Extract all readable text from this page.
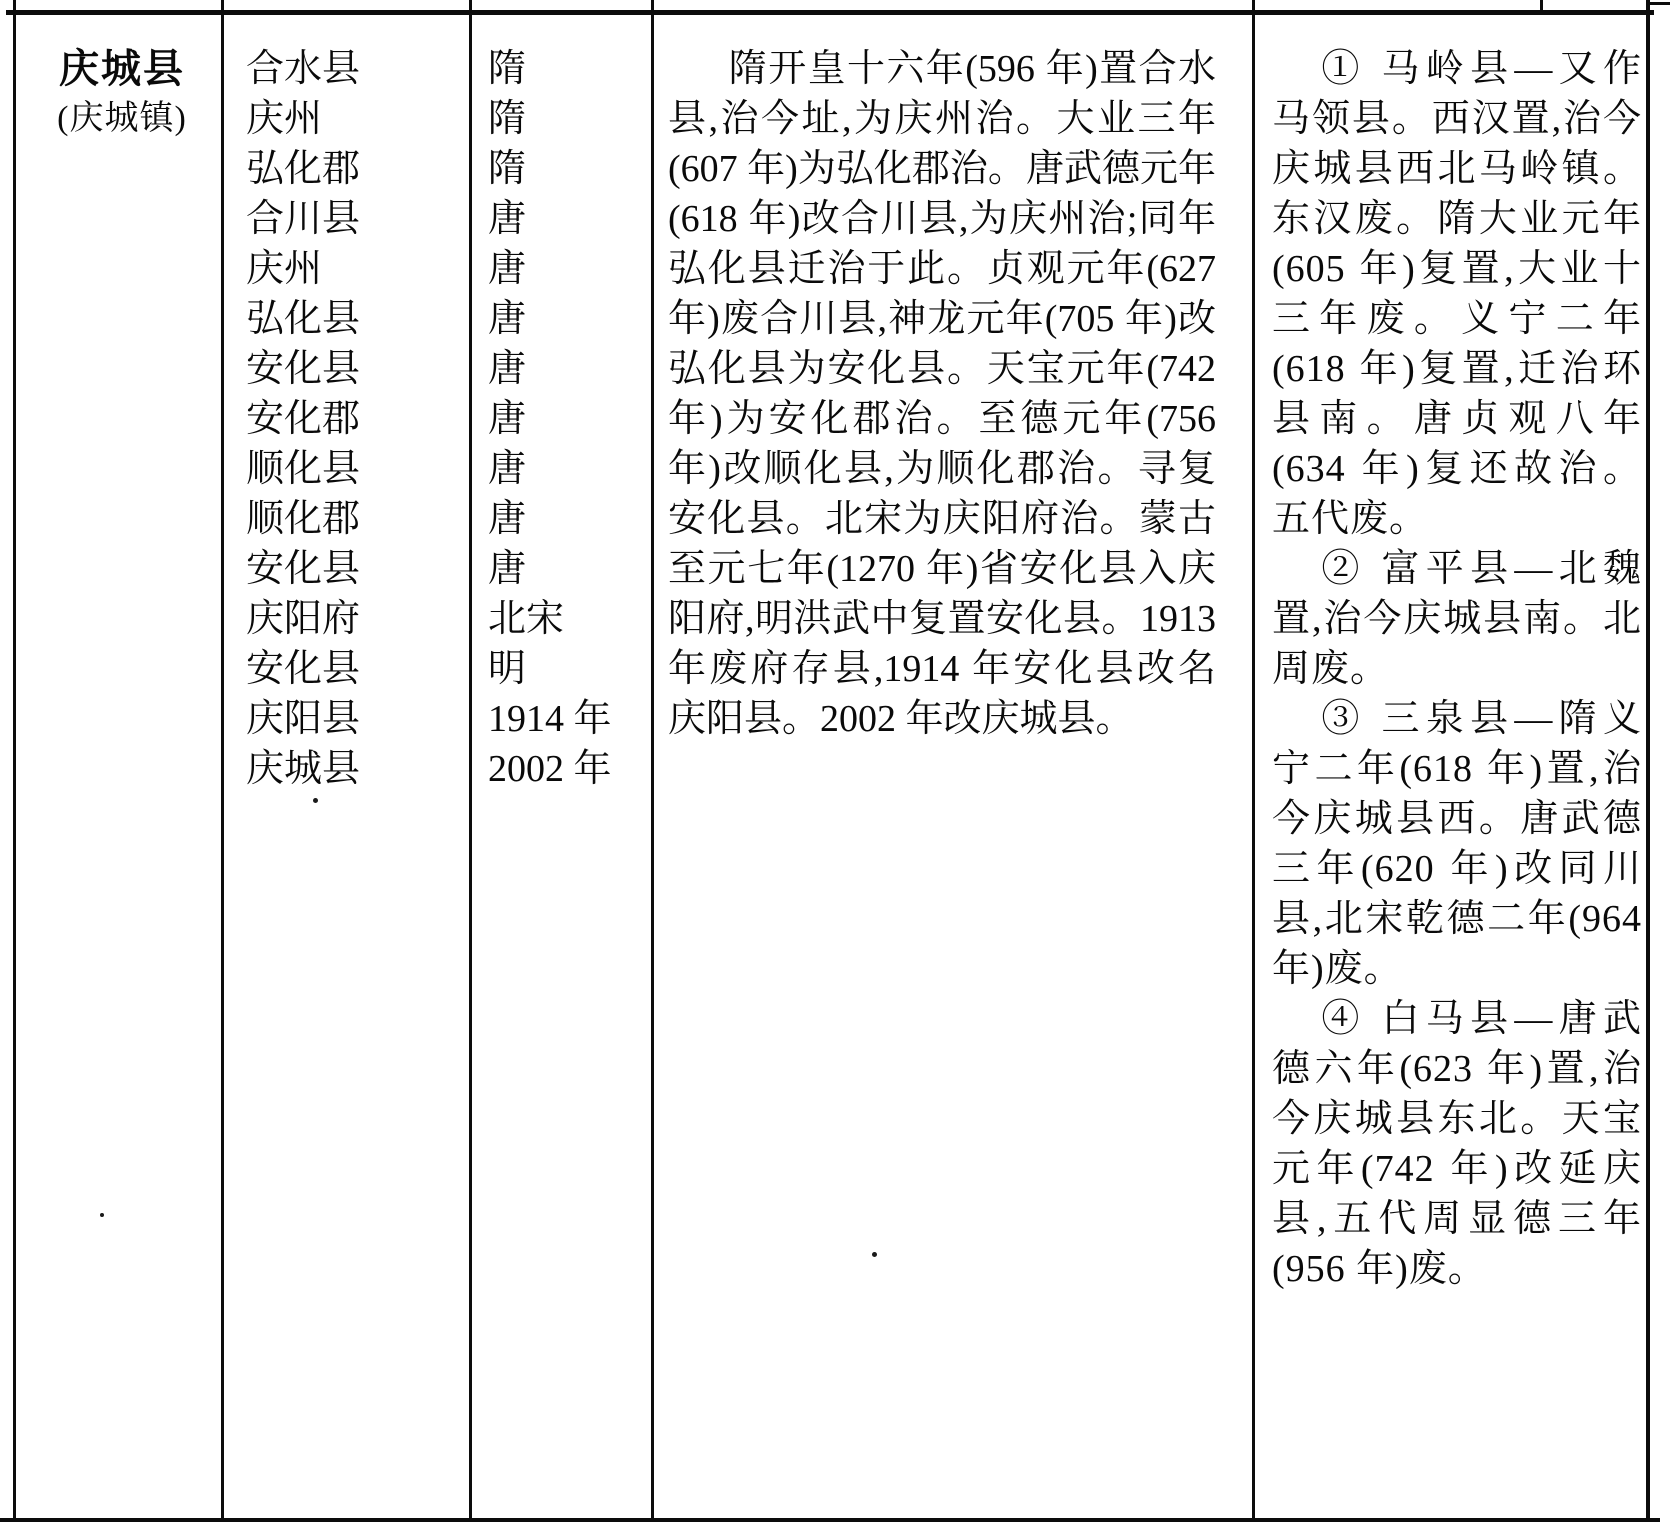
庆城县
(庆城镇)
合水县
庆州
弘化郡
合川县
庆州
弘化县
安化县
安化郡
顺化县
顺化郡
安化县
庆阳府
安化县
庆阳县
庆城县
隋
隋
隋
唐
唐
唐
唐
唐
唐
唐
唐
北宋
明
1914 年
2002 年

隋开皇十六年(596 年)置合水县,治今址,为庆州治。大业三年(607 年)为弘化郡治。唐武德元年(618 年)改合川县,为庆州治;同年弘化县迁治于此。贞观元年(627 年)废合川县,神龙元年(705 年)改弘化县为安化县。天宝元年(742 年)为安化郡治。至德元年(756 年)改顺化县,为顺化郡治。寻复安化县。北宋为庆阳府治。蒙古至元七年(1270 年)省安化县入庆阳府,明洪武中复置安化县。1913 年废府存县,1914 年安化县改名庆阳县。2002 年改庆城县。

① 马岭县—又作马领县。西汉置,治今庆城县西北马岭镇。东汉废。隋大业元年(605 年)复置,大业十三年废。义宁二年(618 年)复置,迁治环县南。唐贞观八年(634 年)复还故治。五代废。

② 富平县—北魏置,治今庆城县南。北周废。

③ 三泉县—隋义宁二年(618 年)置,治今庆城县西。唐武德三年(620 年)改同川县,北宋乾德二年(964 年)废。

④ 白马县—唐武德六年(623 年)置,治今庆城县东北。天宝元年(742 年)改延庆县,五代周显德三年(956 年)废。
